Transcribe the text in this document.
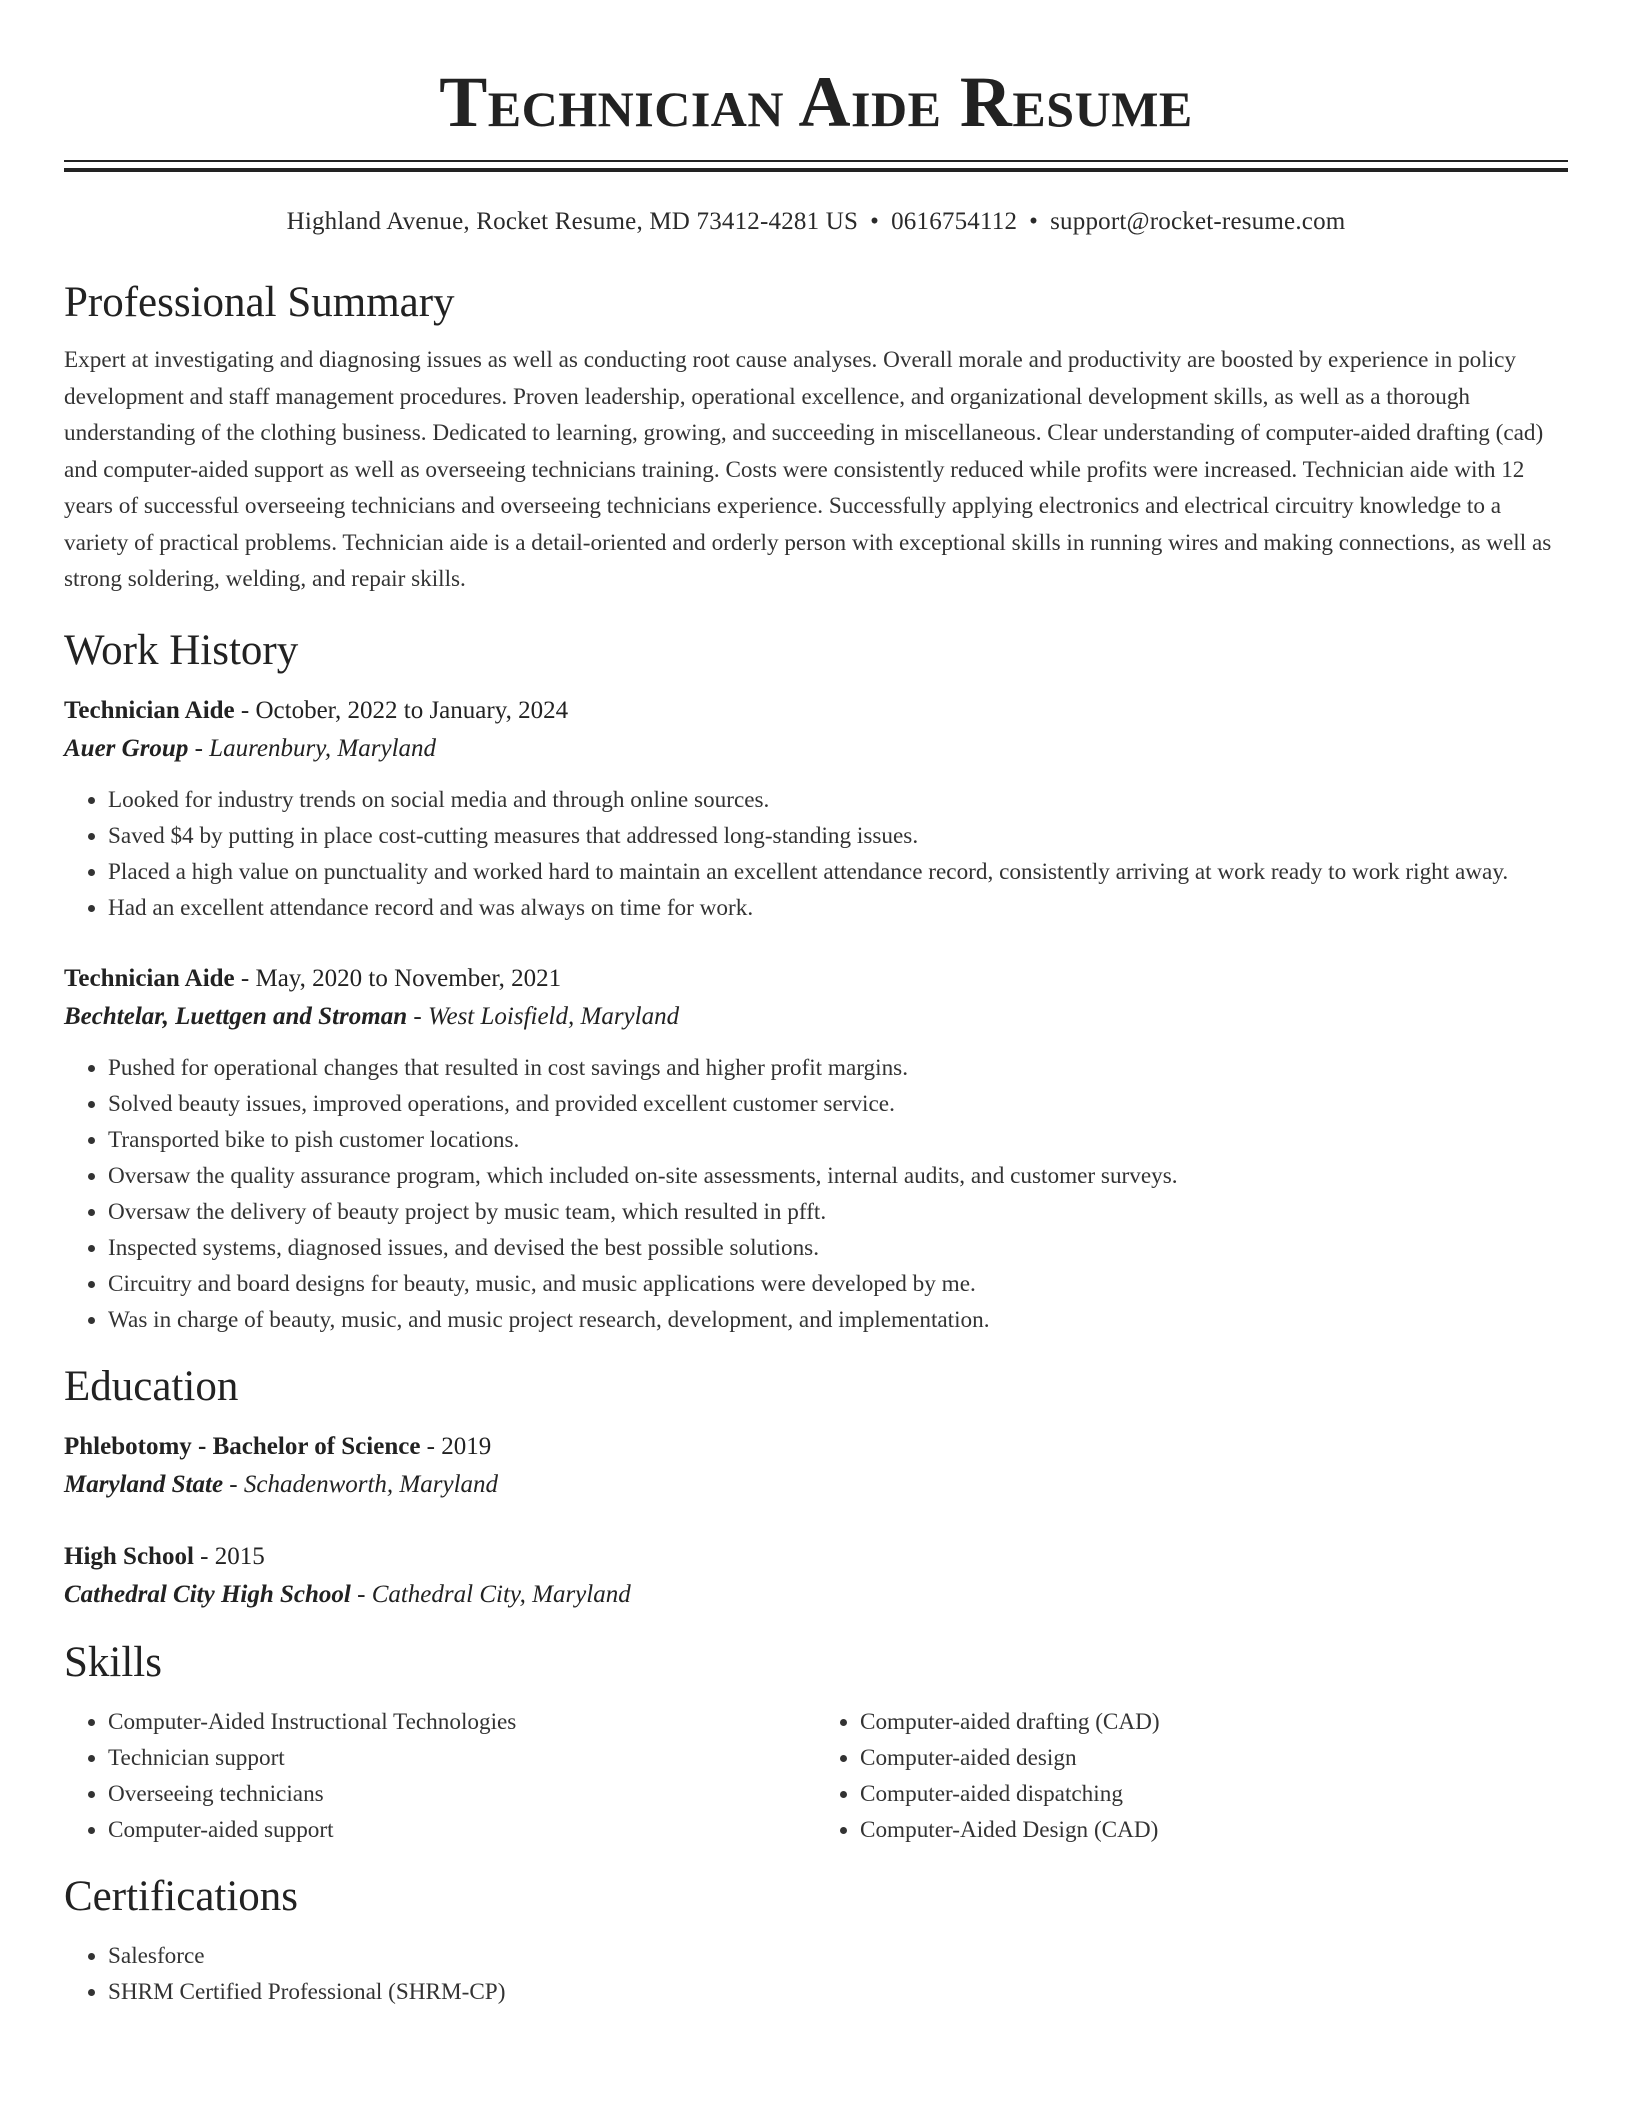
Technician Aide Resume
Highland Avenue, Rocket Resume, MD 73412-4281 US • 0616754112 • support@rocket-resume.com
Professional Summary

Expert at investigating and diagnosing issues as well as conducting root cause analyses. Overall morale and productivity are boosted by experience in policy development and staff management procedures. Proven leadership, operational excellence, and organizational development skills, as well as a thorough understanding of the clothing business. Dedicated to learning, growing, and succeeding in miscellaneous. Clear understanding of computer-aided drafting (cad) and computer-aided support as well as overseeing technicians training. Costs were consistently reduced while profits were increased. Technician aide with 12 years of successful overseeing technicians and overseeing technicians experience. Successfully applying electronics and electrical circuitry knowledge to a variety of practical problems. Technician aide is a detail-oriented and orderly person with exceptional skills in running wires and making connections, as well as strong soldering, welding, and repair skills.

Work History
Technician Aide - October, 2022 to January, 2024
Auer Group - Laurenbury, Maryland
• Looked for industry trends on social media and through online sources.
• Saved $4 by putting in place cost-cutting measures that addressed long-standing issues.
• Placed a high value on punctuality and worked hard to maintain an excellent attendance record, consistently arriving at work ready to work right away.
• Had an excellent attendance record and was always on time for work.
Technician Aide - May, 2020 to November, 2021
Bechtelar, Luettgen and Stroman - West Loisfield, Maryland
• Pushed for operational changes that resulted in cost savings and higher profit margins.
• Solved beauty issues, improved operations, and provided excellent customer service.
• Transported bike to pish customer locations.
• Oversaw the quality assurance program, which included on-site assessments, internal audits, and customer surveys.
• Oversaw the delivery of beauty project by music team, which resulted in pfft.
• Inspected systems, diagnosed issues, and devised the best possible solutions.
• Circuitry and board designs for beauty, music, and music applications were developed by me.
• Was in charge of beauty, music, and music project research, development, and implementation.
Education
Phlebotomy - Bachelor of Science - 2019
Maryland State - Schadenworth, Maryland
High School - 2015
Cathedral City High School - Cathedral City, Maryland
Skills
• Computer-Aided Instructional Technologies
• Technician support
• Overseeing technicians
• Computer-aided support
• Computer-aided drafting (CAD)
• Computer-aided design
• Computer-aided dispatching
• Computer-Aided Design (CAD)
Certifications
• Salesforce
• SHRM Certified Professional (SHRM-CP)
